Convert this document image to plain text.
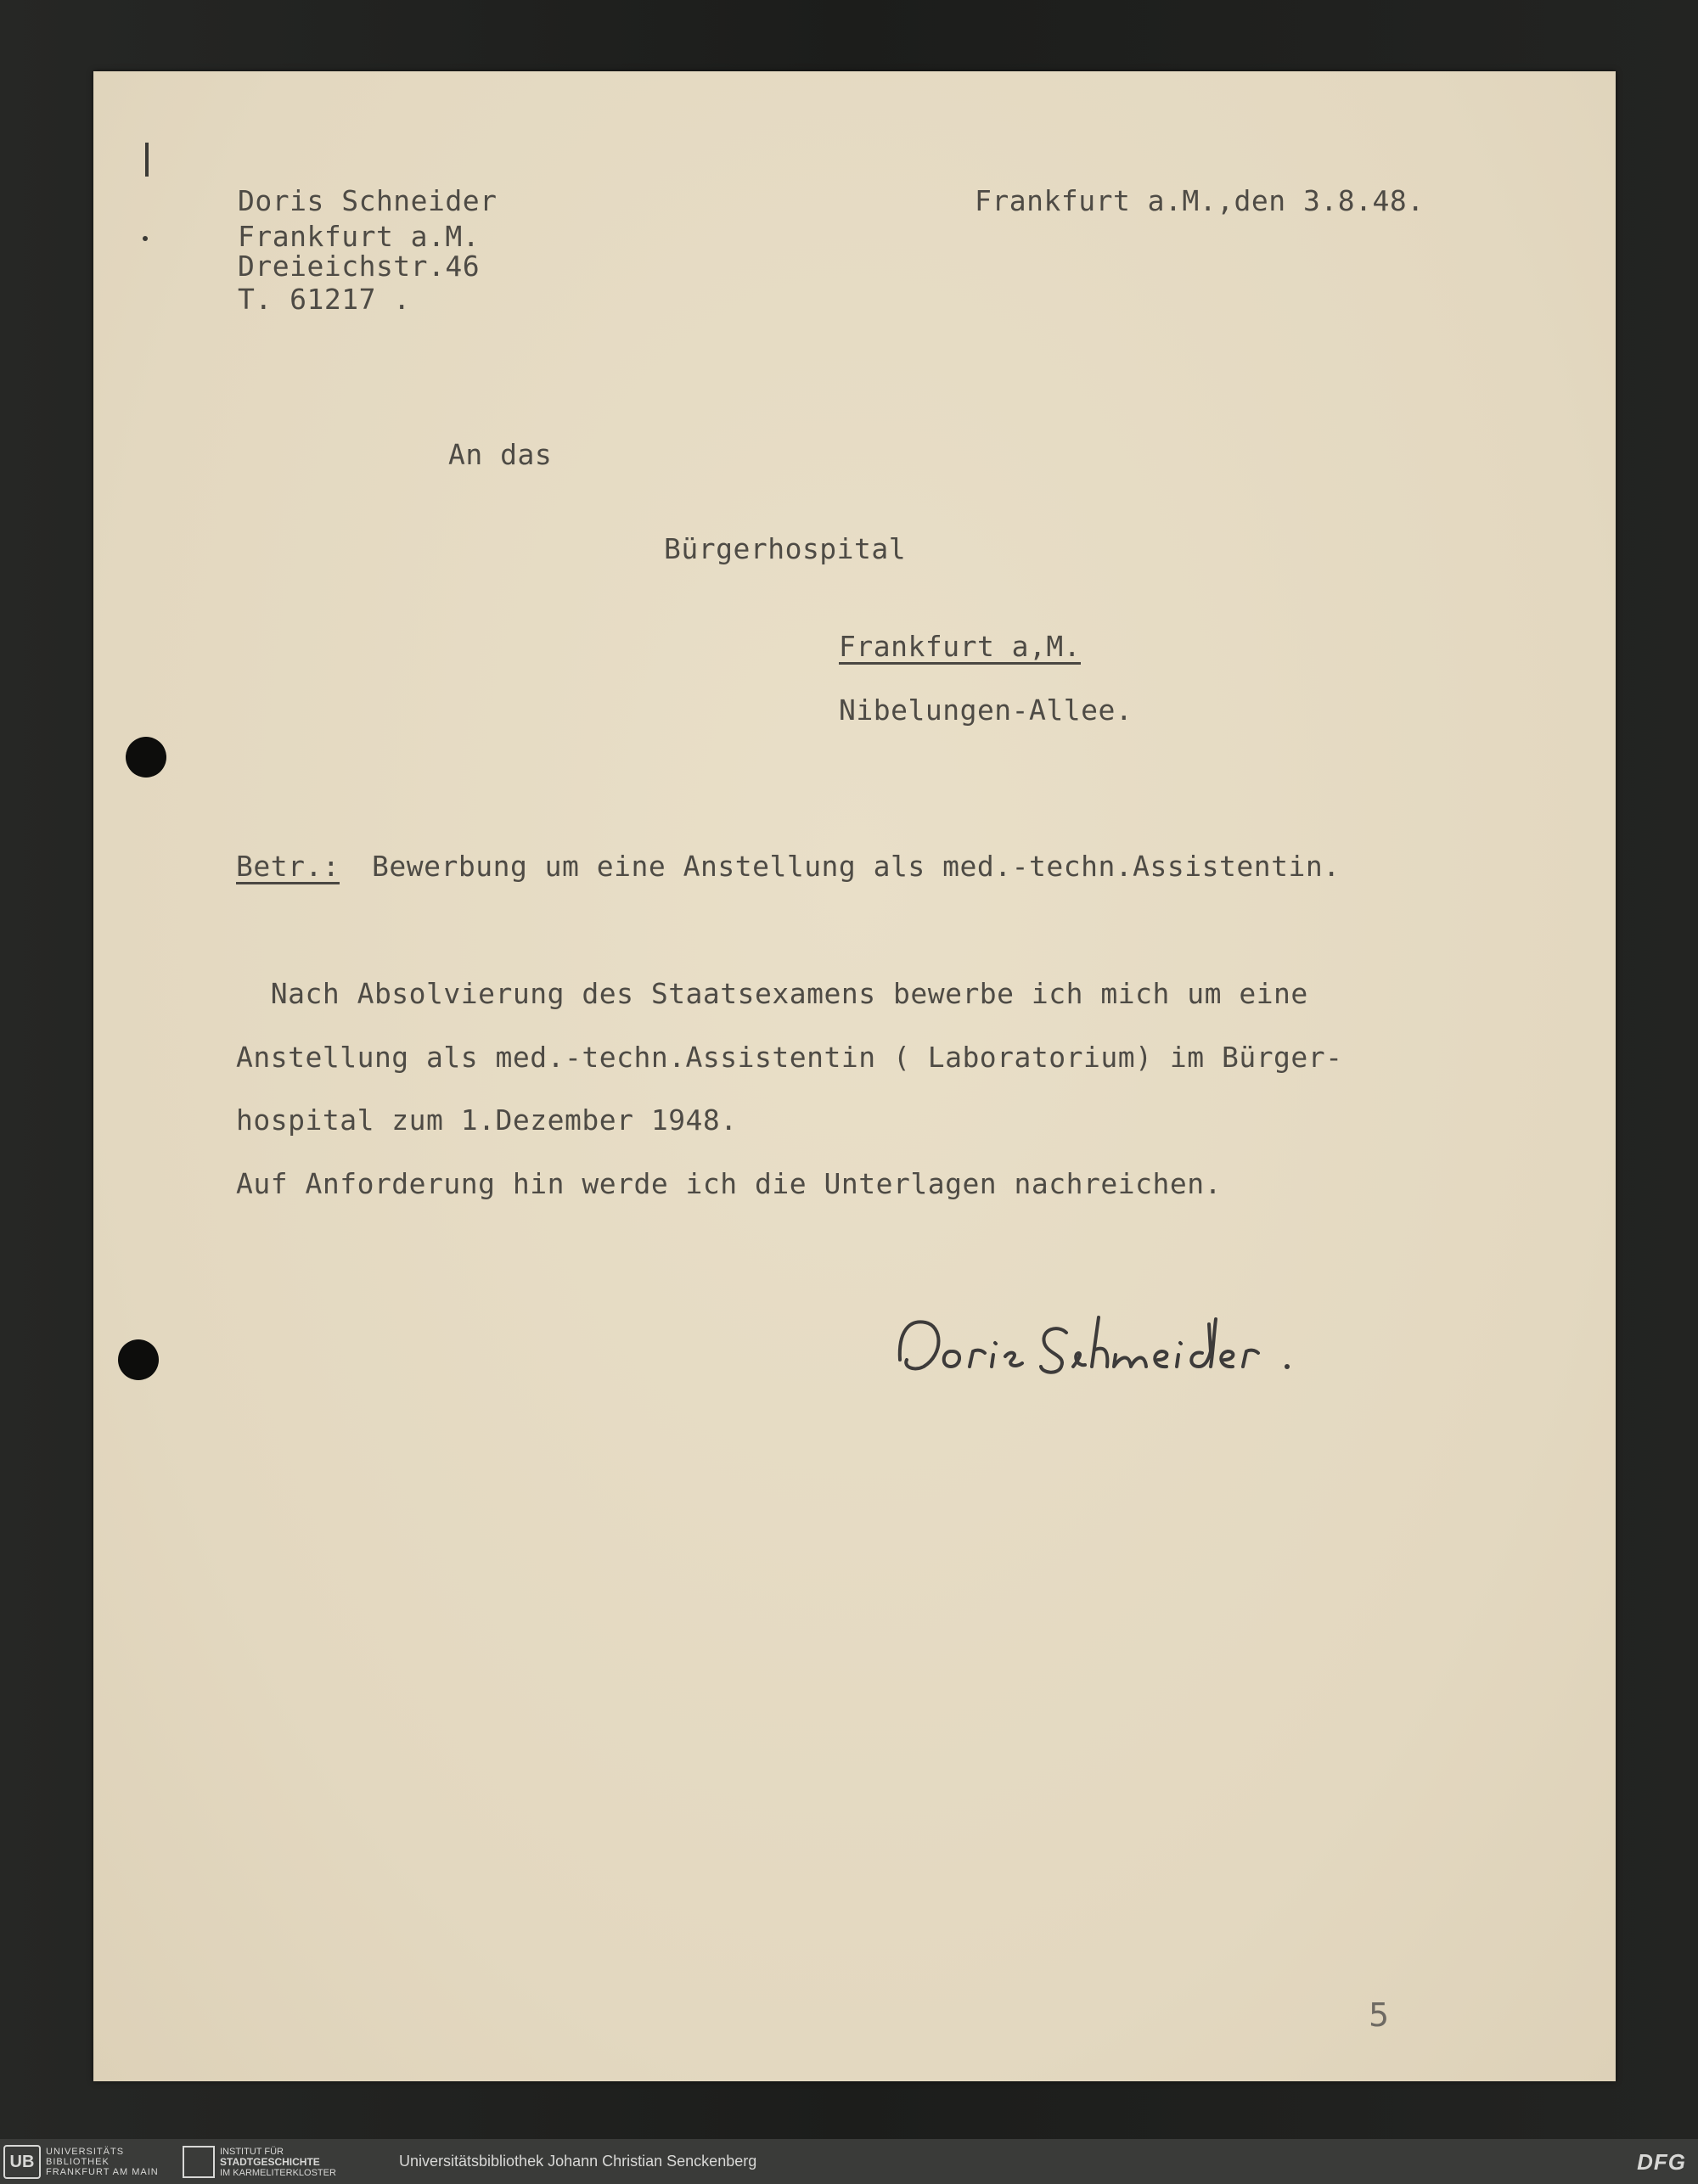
Doris Schneider
Frankfurt a.M.
Dreieichstr.46
T. 61217 .
Frankfurt a.M.,den 3.8.48.
An das
Bürgerhospital
Frankfurt a,M.
Nibelungen-Allee.
Betr.: Bewerbung um eine Anstellung als med.-techn.Assistentin.
Nach Absolvierung des Staatsexamens bewerbe ich mich um eine
Anstellung als med.-techn.Assistentin ( Laboratorium) im Bürger-
hospital zum 1.Dezember 1948.
Auf Anforderung hin werde ich die Unterlagen nachreichen.
5
UB
UNIVERSITÄTS
BIBLIOTHEK
FRANKFURT AM MAIN
INSTITUT FÜR
STADTGESCHICHTE
IM KARMELITERKLOSTER
Universitätsbibliothek Johann Christian Senckenberg	DFG
